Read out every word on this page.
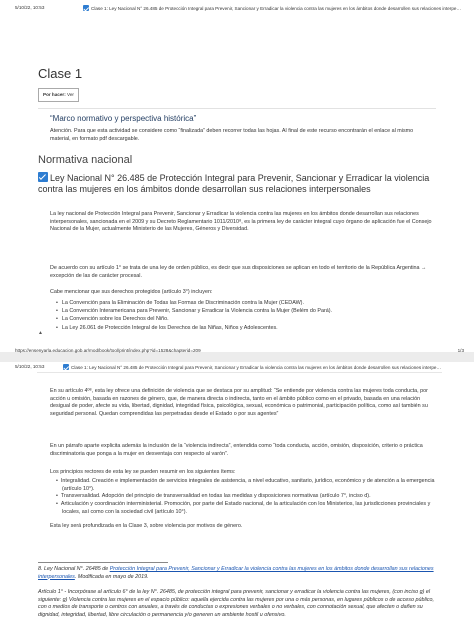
5/10/22, 10:53	Clase 1: Ley Nacional N° 26.485 de Protección Integral para Prevenir, Sancionar y Erradicar la violencia contra las mujeres en los ámbitos donde desarrollen sus relaciones interpe…
Clase 1
Por hacer: Ver
“Marco normativo y perspectiva histórica”
Atención. Para que esta actividad se considere como “finalizada” deben recorrer todas las hojas. Al final de este recurso encontrarán el enlace al mismo material, en formato pdf descargable.
Normativa nacional
Ley Nacional N° 26.485 de Protección Integral para Prevenir, Sancionar y Erradicar la violencia contra las mujeres en los ámbitos donde desarrollan sus relaciones interpersonales
La ley nacional de Protección Integral para Prevenir, Sancionar y Erradicar la violencia contra las mujeres en los ámbitos donde desarrollan sus relaciones interpersonales, sancionada en el 2009 y su Decreto Reglamentario 1011/2010⁸, es la primera ley de carácter integral cuyo órgano de aplicación fue el Consejo Nacional de la Mujer, actualmente Ministerio de las Mujeres, Géneros y Diversidad.
De acuerdo con su artículo 1° se trata de una ley de orden público, es decir que sus disposiciones se aplican en todo el territorio de la República Argentina → excepción de las de carácter procesal.
Cabe mencionar que sus derechos protegidos (artículo 3°) incluyen:
• La Convención para la Eliminación de Todas las Formas de Discriminación contra la Mujer (CEDAW).
• La Convención Interamericana para Prevenir, Sancionar y Erradicar la Violencia contra la Mujer (Belém do Pará).
• La Convención sobre los Derechos del Niño.
• La Ley 26.061 de Protección Integral de los Derechos de las Niñas, Niños y Adolescentes.
▲
https://ensenyarla.educacion.gob.ar/mod/book/tool/print/index.php?id=1528&chapterid=209	1/3
5/10/22, 10:53	Clase 1: Ley Nacional N° 26.485 de Protección Integral para Prevenir, Sancionar y Erradicar la violencia contra las mujeres en los ámbitos donde desarrollen sus relaciones interpe…
En su artículo 4º⁸, esta ley ofrece una definición de violencia que se destaca por su amplitud: “Se entiende por violencia contra las mujeres toda conducta, por acción u omisión, basada en razones de género, que, de manera directa o indirecta, tanto en el ámbito público como en el privado, basada en una relación desigual de poder, afecte su vida, libertad, dignidad, integridad física, psicológica, sexual, económica o patrimonial, participación política, como así también su seguridad personal. Quedan comprendidas las perpetradas desde el Estado o por sus agentes”
En un párrafo aparte explicita además la inclusión de la “violencia indirecta”, entendida como “toda conducta, acción, omisión, disposición, criterio o práctica discriminatoria que ponga a la mujer en desventaja con respecto al varón”.
Los principios rectores de esta ley se pueden resumir en los siguientes ítems:
• Integralidad. Creación e implementación de servicios integrales de asistencia, a nivel educativo, sanitario, jurídico, económico y de atención a la emergencia (artículo 10°).
• Transversalidad. Adopción del principio de transversalidad en todas las medidas y disposiciones normativas (artículo 7°, inciso d).
• Articulación y coordinación interministerial. Promoción, por parte del Estado nacional, de la articulación con los Ministerios, las jurisdicciones provinciales y locales, así como con la sociedad civil (artículo 10°).
Esta ley será profundizada en la Clase 3, sobre violencia por motivos de género.
8. Ley Nacional N°. 26485 de Protección Integral para Prevenir, Sancionar y Erradicar la violencia contra las mujeres en los ámbitos donde desarrollan sus relaciones interpersonales. Modificada en mayo de 2019.
Artículo 1° - Incorpórase al artículo 6° de la ley N°. 26485, de protección integral para prevenir, sancionar y erradicar la violencia contra las mujeres, (con inciso g) el siguiente: g) Violencia contra las mujeres en el espacio público: aquella ejercida contra las mujeres por una o más personas, en lugares públicos o de acceso público, con o medios de transporte o centros con anuales, a través de conductas o expresiones verbales o no verbales, con connotación sexual, que afecten o dañen su dignidad, integridad, libertad, libre circulación o permanencia y/o generen un ambiente hostil u ofensivo.
